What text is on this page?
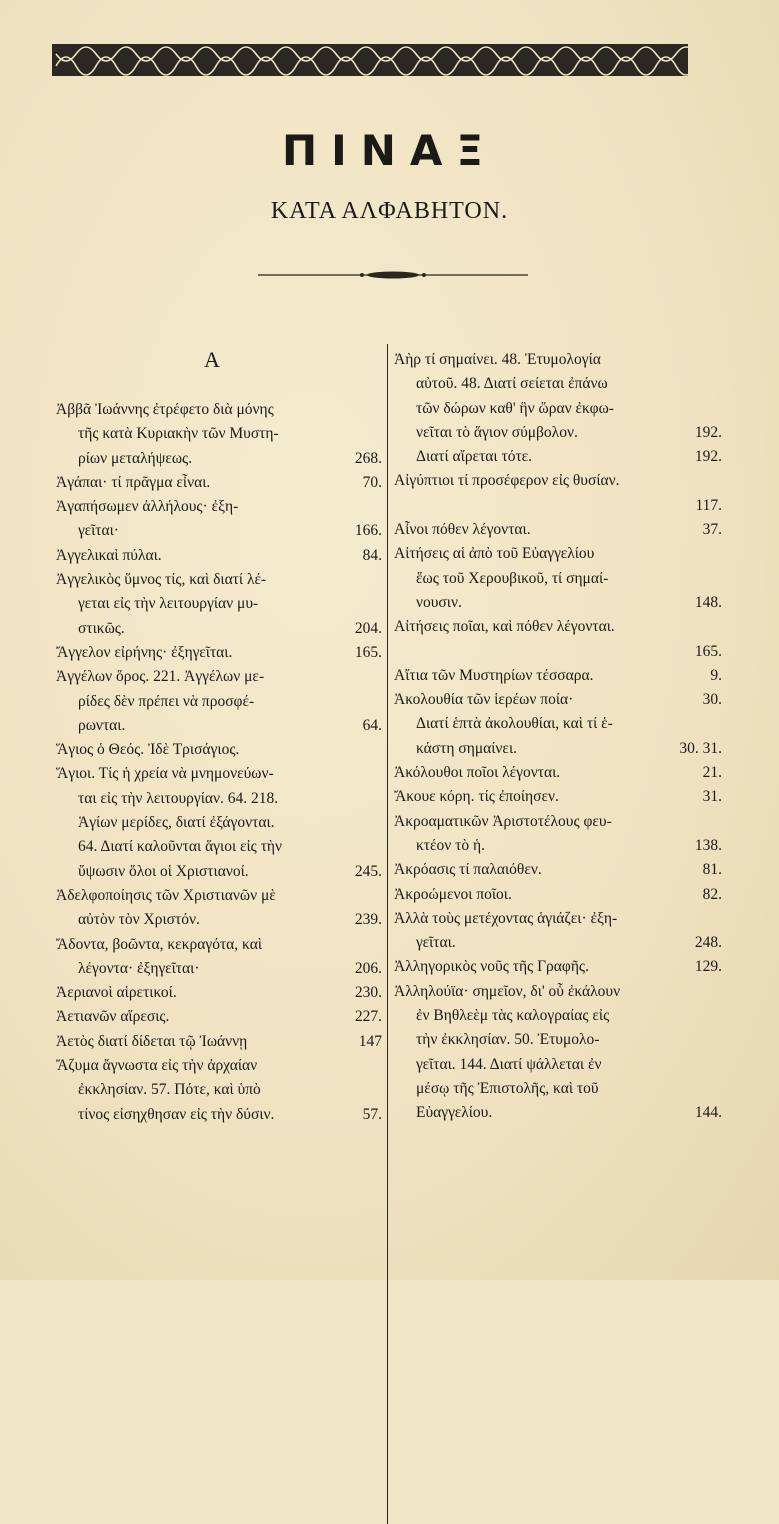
ΠΙΝΑΞ
ΚΑΤΑ ΑΛΦΑΒΗΤΟΝ.
Α
Ἀββᾶ Ἰωάννης ἐτρέφετο διὰ μόνης
τῆς κατὰ Κυριακὴν τῶν Μυστη-
ρίων μεταλήψεως.	268.
Ἀγάπαι· τί πρᾶγμα εἶναι.	70.
Ἀγαπήσωμεν ἀλλήλους· ἐξη-
γεῖται·	166.
Ἀγγελικαὶ πύλαι.	84.
Ἀγγελικὸς ὕμνος τίς, καὶ διατί λέ-
γεται εἰς τὴν λειτουργίαν μυ-
στικῶς.	204.
Ἄγγελον εἰρήνης· ἐξηγεῖται.	165.
Ἀγγέλων ὅρος. 221. Ἀγγέλων με-
ρίδες δὲν πρέπει νὰ προσφέ-
ρωνται.	64.
Ἅγιος ὁ Θεός. Ἰδὲ Τρισάγιος.
Ἅγιοι. Τίς ἡ χρεία νὰ μνημονεύων-
ται εἰς τὴν λειτουργίαν. 64. 218.
Ἁγίων μερίδες, διατί ἐξάγονται.
64. Διατί καλοῦνται ἅγιοι εἰς τὴν
ὕψωσιν ὅλοι οἱ Χριστιανοί.	245.
Ἀδελφοποίησις τῶν Χριστιανῶν μὲ
αὐτὸν τὸν Χριστόν.	239.
Ἄδοντα, βοῶντα, κεκραγότα, καὶ
λέγοντα· ἐξηγεῖται·	206.
Ἀεριανοὶ αἱρετικοί.	230.
Ἀετιανῶν αἵρεσις.	227.
Ἀετὸς διατί δίδεται τῷ Ἰωάννῃ	147
Ἄζυμα ἄγνωστα εἰς τὴν ἀρχαίαν
ἐκκλησίαν. 57. Πότε, καὶ ὑπὸ
τίνος εἰσηχθησαν εἰς τὴν δύσιν.	57.
Ἀὴρ τί σημαίνει. 48. Ἐτυμολογία
αὐτοῦ. 48. Διατί σείεται ἐπάνω
τῶν δώρων καθ' ἣν ὥραν ἐκφω-
νεῖται τὸ ἅγιον σύμβολον.	192.
Διατί αἴρεται τότε.	192.
Αἰγύπτιοι τί προσέφερον εἰς θυσίαν.
117.
Αἶνοι πόθεν λέγονται.	37.
Αἰτήσεις αἱ ἀπὸ τοῦ Εὐαγγελίου
ἕως τοῦ Χερουβικοῦ, τί σημαί-
νουσιν.	148.
Αἰτήσεις ποῖαι, καὶ πόθεν λέγονται.
165.
Αἴτια τῶν Μυστηρίων τέσσαρα.	9.
Ἀκολουθία τῶν ἱερέων ποία·	30.
Διατί ἑπτὰ ἀκολουθίαι, καὶ τί ἑ-
κάστη σημαίνει.	30. 31.
Ἀκόλουθοι ποῖοι λέγονται.	21.
Ἄκουε κόρη. τίς ἐποίησεν.	31.
Ἀκροαματικῶν Ἀριστοτέλους φευ-
κτέον τὸ ἡ.	138.
Ἀκρόασις τί παλαιόθεν.	81.
Ἀκροώμενοι ποῖοι.	82.
Ἀλλὰ τοὺς μετέχοντας ἁγιάζει· ἐξη-
γεῖται.	248.
Ἀλληγορικὸς νοῦς τῆς Γραφῆς.	129.
Ἀλληλούϊα· σημεῖον, δι' οὗ ἐκάλουν
ἐν Βηθλεὲμ τὰς καλογραίας εἰς
τὴν ἐκκλησίαν. 50. Ἐτυμολο-
γεῖται. 144. Διατί ψάλλεται ἐν
μέσῳ τῆς Ἐπιστολῆς, καὶ τοῦ
Εὐαγγελίου.	144.
